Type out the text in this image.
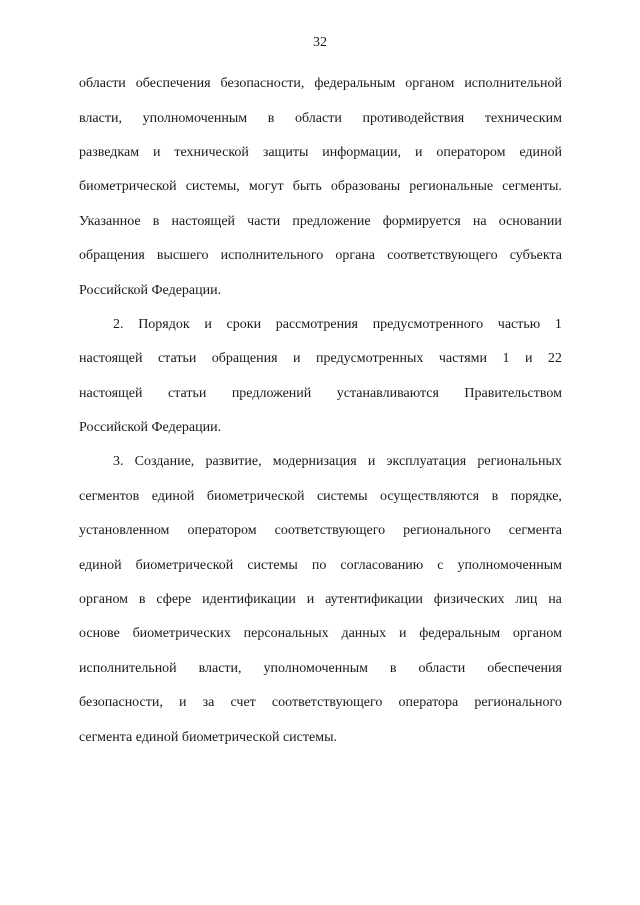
32
области обеспечения безопасности, федеральным органом исполнительной
власти, уполномоченным в области противодействия техническим
разведкам и технической защиты информации, и оператором единой
биометрической системы, могут быть образованы региональные сегменты.
Указанное в настоящей части предложение формируется на основании
обращения высшего исполнительного органа соответствующего субъекта
Российской Федерации.
2. Порядок и сроки рассмотрения предусмотренного частью 1
настоящей статьи обращения и предусмотренных частями 1 и 22
настоящей статьи предложений устанавливаются Правительством
Российской Федерации.
3. Создание, развитие, модернизация и эксплуатация региональных
сегментов единой биометрической системы осуществляются в порядке,
установленном оператором соответствующего регионального сегмента
единой биометрической системы по согласованию с уполномоченным
органом в сфере идентификации и аутентификации физических лиц на
основе биометрических персональных данных и федеральным органом
исполнительной власти, уполномоченным в области обеспечения
безопасности, и за счет соответствующего оператора регионального
сегмента единой биометрической системы.
